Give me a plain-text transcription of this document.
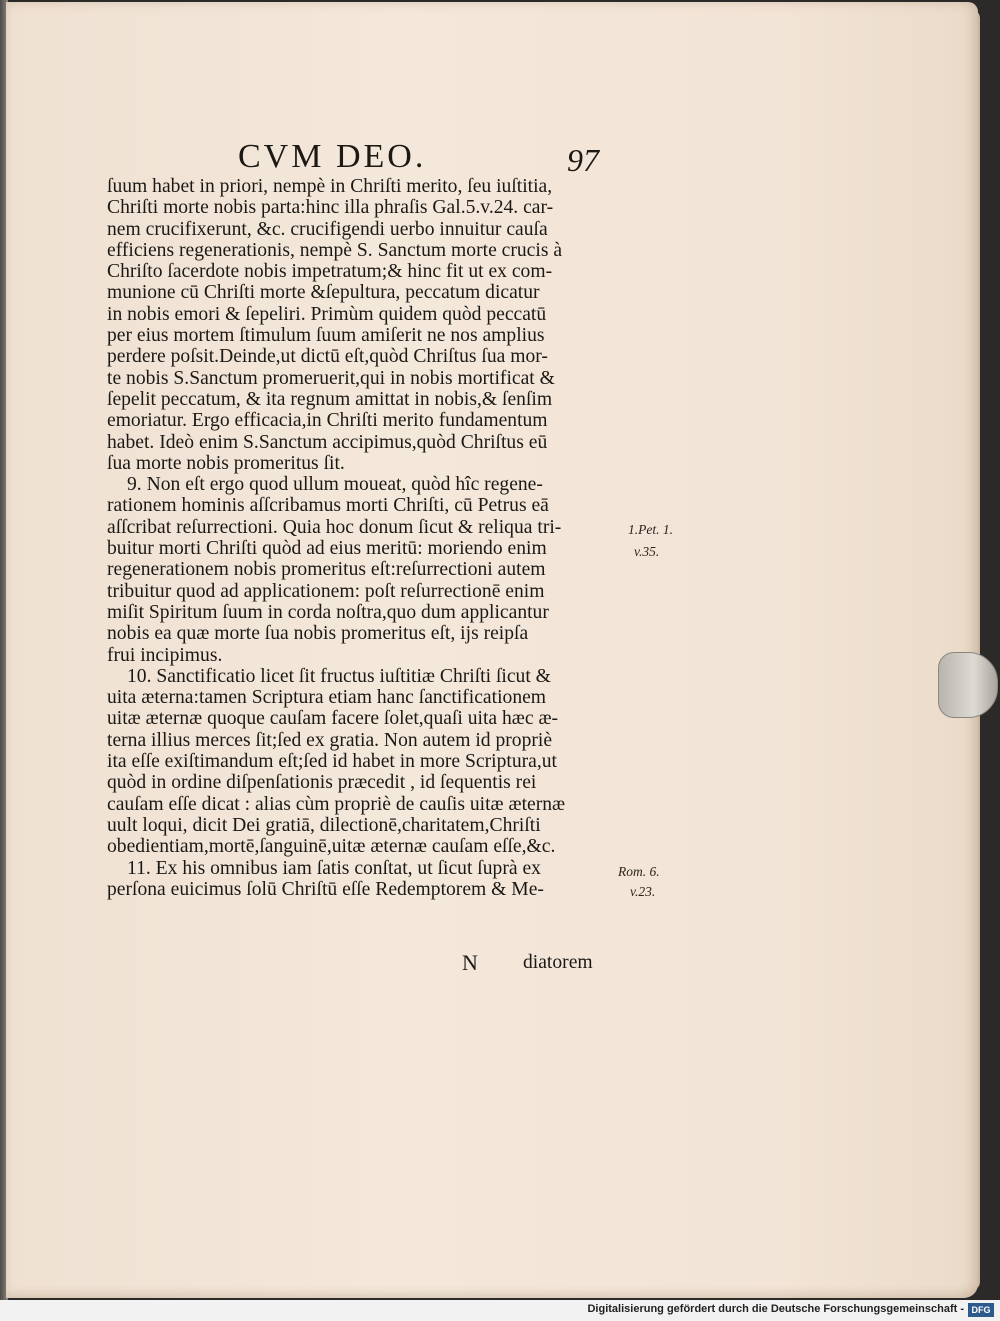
CVM DEO.	97
ſuum habet in priori, nempè in Chriſti merito, ſeu iuſtitia,
Chriſti morte nobis parta:hinc illa phraſis Gal.5.v.24. car-
nem crucifixerunt, &c. crucifigendi uerbo innuitur cauſa
efficiens regenerationis, nempè S. Sanctum morte crucis à
Chriſto ſacerdote nobis impetratum;& hinc fit ut ex com-
munione cū Chriſti morte &ſepultura, peccatum dicatur
in nobis emori & ſepeliri. Primùm quidem quòd peccatū
per eius mortem ſtimulum ſuum amiſerit ne nos amplius
perdere poſsit.Deinde,ut dictū eſt,quòd Chriſtus ſua mor-
te nobis S.Sanctum promeruerit,qui in nobis mortificat &
ſepelit peccatum, & ita regnum amittat in nobis,& ſenſim
emoriatur. Ergo efficacia,in Chriſti merito fundamentum
habet. Ideò enim S.Sanctum accipimus,quòd Chriſtus eū
ſua morte nobis promeritus ſit.
9. Non eſt ergo quod ullum moueat, quòd hîc regene-
rationem hominis aſſcribamus morti Chriſti, cū Petrus eā
aſſcribat reſurrectioni. Quia hoc donum ſicut & reliqua tri-
buitur morti Chriſti quòd ad eius meritū: moriendo enim
regenerationem nobis promeritus eſt:reſurrectioni autem
tribuitur quod ad applicationem: poſt reſurrectionē enim
miſit Spiritum ſuum in corda noſtra,quo dum applicantur
nobis ea quæ morte ſua nobis promeritus eſt, ijs reipſa
frui incipimus.
10. Sanctificatio licet ſit fructus iuſtitiæ Chriſti ſicut &
uita æterna:tamen Scriptura etiam hanc ſanctificationem
uitæ æternæ quoque cauſam facere ſolet,quaſi uita hæc æ-
terna illius merces ſit;ſed ex gratia. Non autem id propriè
ita eſſe exiſtimandum eſt;ſed id habet in more Scriptura,ut
quòd in ordine diſpenſationis præcedit , id ſequentis rei
cauſam eſſe dicat : alias cùm propriè de cauſis uitæ æternæ
uult loqui, dicit Dei gratiā, dilectionē,charitatem,Chriſti
obedientiam,mortē,ſanguinē,uitæ æternæ cauſam eſſe,&c.
11. Ex his omnibus iam ſatis conſtat, ut ſicut ſuprà ex
perſona euicimus ſolū Chriſtū eſſe Redemptorem & Me-
N diatorem
1.Pet. 1.
v.35.
Rom. 6.
v.23.
Digitalisierung gefördert durch die Deutsche Forschungsgemeinschaft - DFG
